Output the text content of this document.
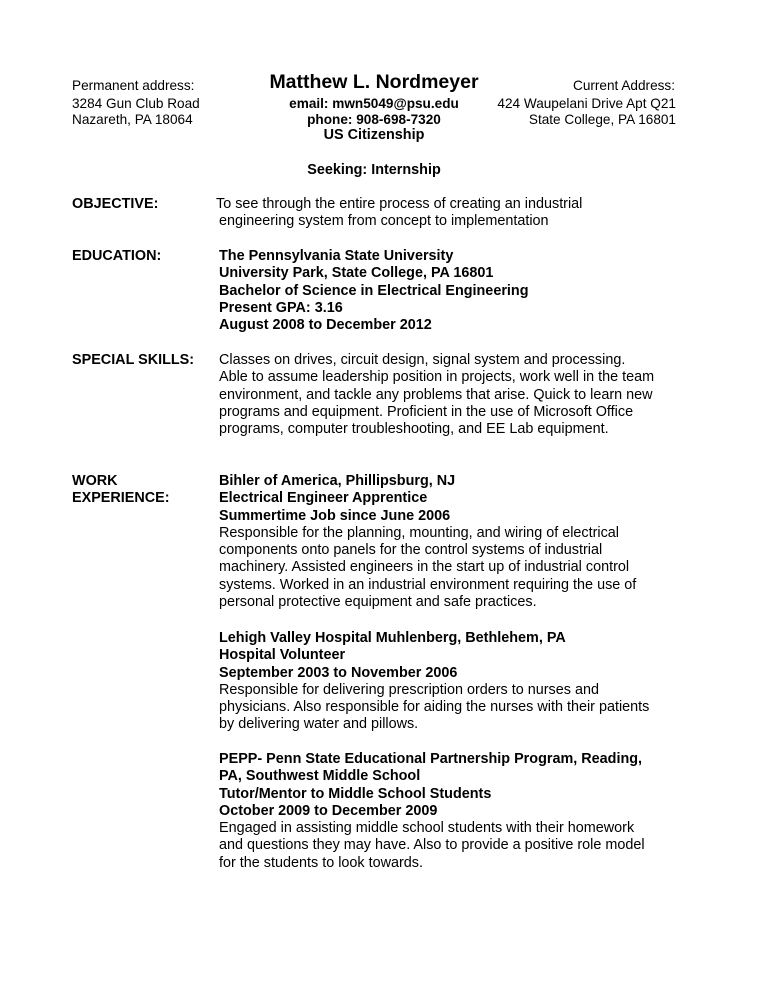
Permanent address:
3284 Gun Club Road
Nazareth, PA 18064
Matthew L. Nordmeyer
email: mwn5049@psu.edu
phone: 908-698-7320
US Citizenship
Current Address:
424 Waupelani Drive Apt Q21
State College, PA 16801
Seeking: Internship
OBJECTIVE:	To see through the entire process of creating an industrial
engineering system from concept to implementation
EDUCATION:	The Pennsylvania State University
University Park, State College, PA 16801
Bachelor of Science in Electrical Engineering
Present GPA: 3.16
August 2008 to December 2012
SPECIAL SKILLS: Classes on drives, circuit design, signal system and processing.
Able to assume leadership position in projects, work well in the team
environment, and tackle any problems that arise. Quick to learn new
programs and equipment. Proficient in the use of Microsoft Office
programs, computer troubleshooting, and EE Lab equipment.
WORK
EXPERIENCE:
Bihler of America, Phillipsburg, NJ
Electrical Engineer Apprentice
Summertime Job since June 2006
Responsible for the planning, mounting, and wiring of electrical
components onto panels for the control systems of industrial
machinery. Assisted engineers in the start up of industrial control
systems. Worked in an industrial environment requiring the use of
personal protective equipment and safe practices.
Lehigh Valley Hospital Muhlenberg, Bethlehem, PA
Hospital Volunteer
September 2003 to November 2006
Responsible for delivering prescription orders to nurses and
physicians. Also responsible for aiding the nurses with their patients
by delivering water and pillows.
PEPP- Penn State Educational Partnership Program, Reading,
PA, Southwest Middle School
Tutor/Mentor to Middle School Students
October 2009 to December 2009
Engaged in assisting middle school students with their homework
and questions they may have. Also to provide a positive role model
for the students to look towards.
